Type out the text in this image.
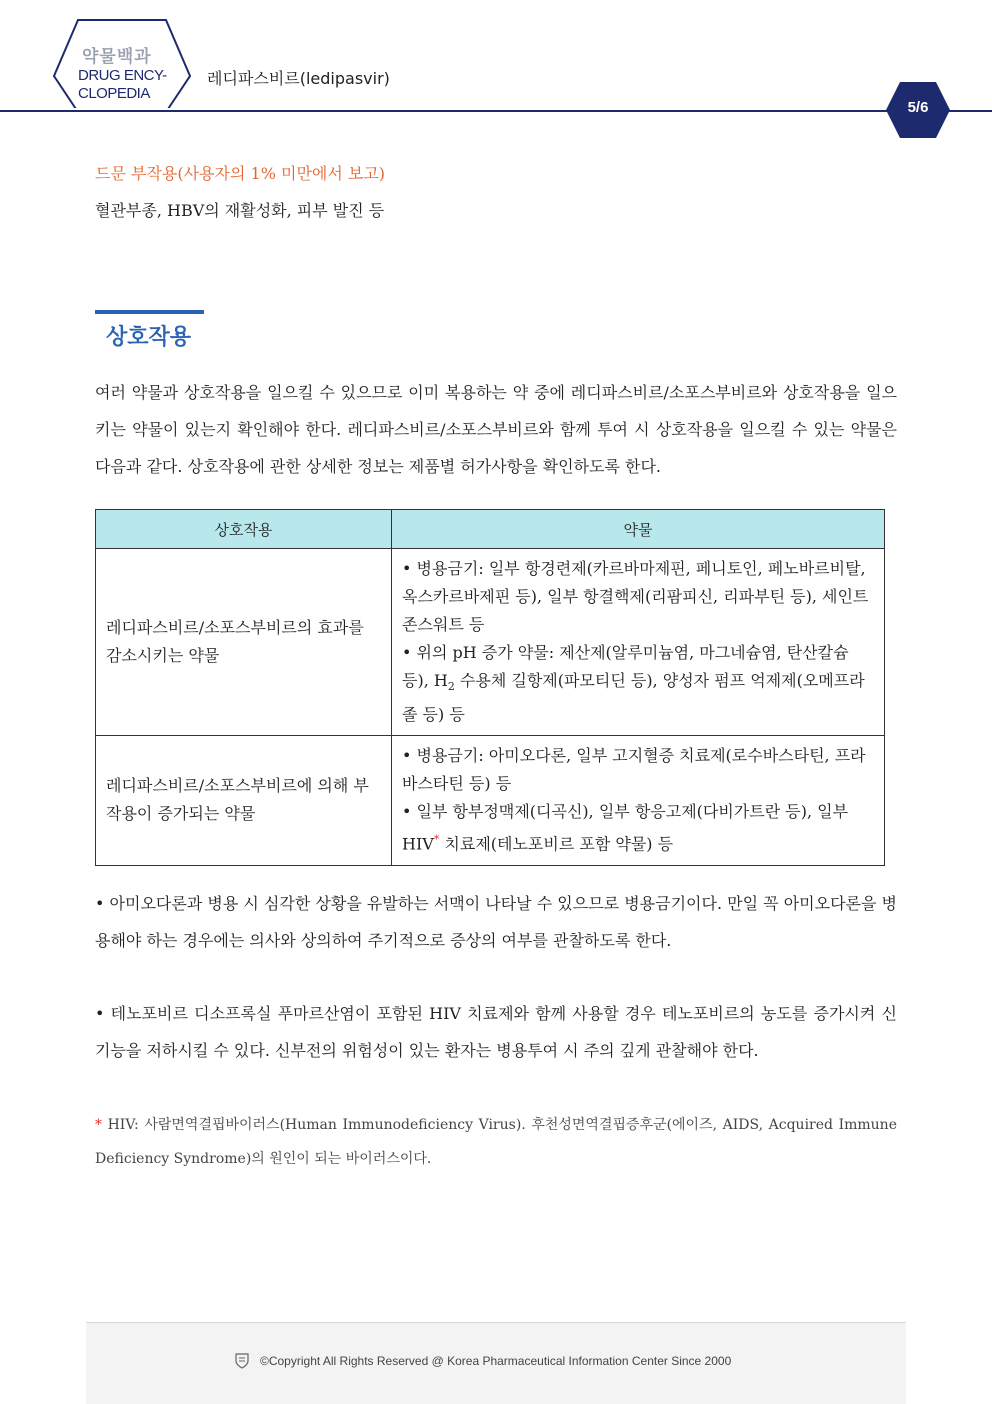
약물백과
DRUG ENCY-
CLOPEDIA
레디파스비르(ledipasvir)
5/6
드문 부작용(사용자의 1% 미만에서 보고)
혈관부종, HBV의 재활성화, 피부 발진 등
상호작용
여러 약물과 상호작용을 일으킬 수 있으므로 이미 복용하는 약 중에 레디파스비르/소포스부비르와 상호작용을 일으키는 약물이 있는지 확인해야 한다. 레디파스비르/소포스부비르와 함께 투여 시 상호작용을 일으킬 수 있는 약물은 다음과 같다. 상호작용에 관한 상세한 정보는 제품별 허가사항을 확인하도록 한다.
상호작용	약물
레디파스비르/소포스부비르의 효과를 감소시키는 약물	• 병용금기: 일부 항경련제(카르바마제핀, 페니토인, 페노바르비탈, 옥스카르바제핀 등), 일부 항결핵제(리팜피신, 리파부틴 등), 세인트존스워트 등
• 위의 pH 증가 약물: 제산제(알루미늄염, 마그네슘염, 탄산칼슘 등), $H_2$ 수용체 길항제(파모티딘 등), 양성자 펌프 억제제(오메프라졸 등) 등

레디파스비르/소포스부비르에 의해 부작용이 증가되는 약물	• 병용금기: 아미오다론, 일부 고지혈증 치료제(로수바스타틴, 프라바스타틴 등) 등
• 일부 항부정맥제(디곡신), 일부 항응고제(다비가트란 등), 일부 HIV* 치료제(테노포비르 포함 약물) 등
• 아미오다론과 병용 시 심각한 상황을 유발하는 서맥이 나타날 수 있으므로 병용금기이다. 만일 꼭 아미오다론을 병용해야 하는 경우에는 의사와 상의하여 주기적으로 증상의 여부를 관찰하도록 한다.
• 테노포비르 디소프록실 푸마르산염이 포함된 HIV 치료제와 함께 사용할 경우 테노포비르의 농도를 증가시켜 신기능을 저하시킬 수 있다. 신부전의 위험성이 있는 환자는 병용투여 시 주의 깊게 관찰해야 한다.
* HIV: 사람면역결핍바이러스(Human Immunodeficiency Virus). 후천성면역결핍증후군(에이즈, AIDS, Acquired Immune Deficiency Syndrome)의 원인이 되는 바이러스이다.
©Copyright All Rights Reserved @ Korea Pharmaceutical Information Center Since 2000
